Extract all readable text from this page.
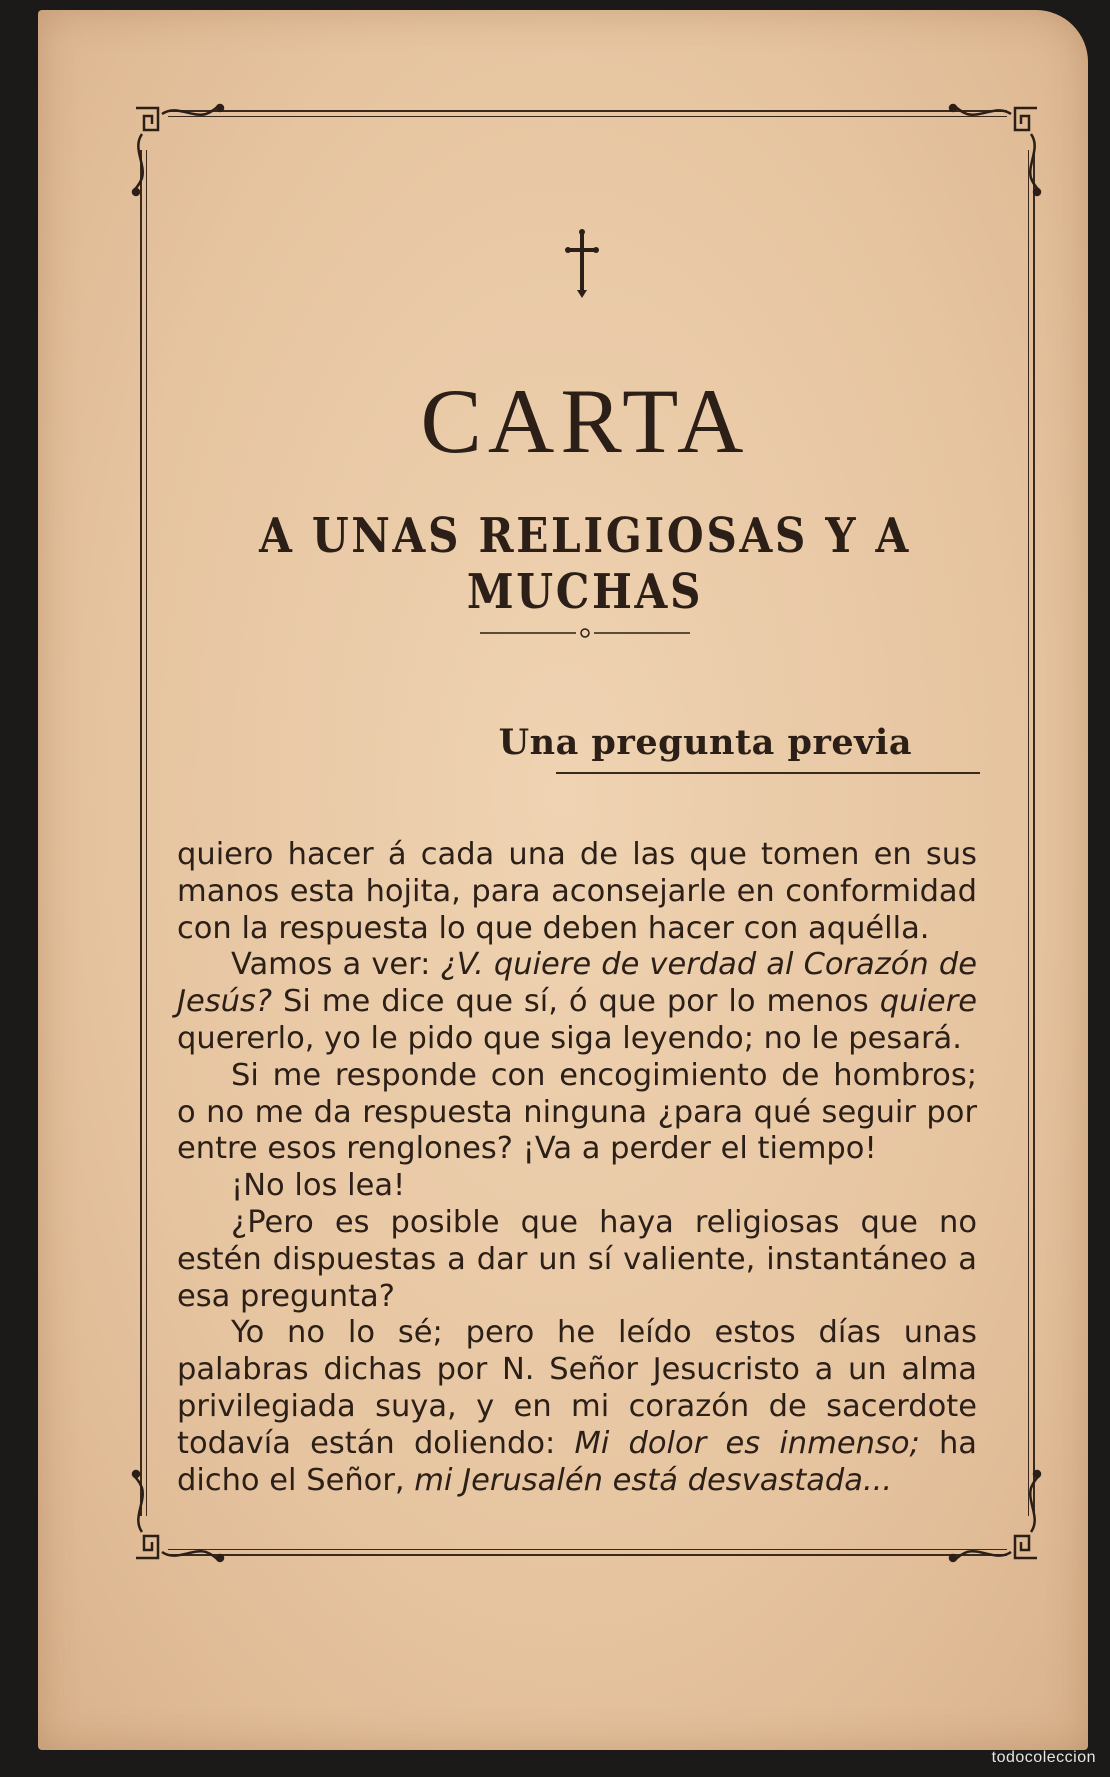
CARTA
A UNAS RELIGIOSAS Y A MUCHAS
Una pregunta previa

quiero hacer á cada una de las que tomen en sus manos esta hojita, para aconsejarle en conformidad con la respuesta lo que deben hacer con aquélla.

Vamos a ver: ¿V. quiere de verdad al Corazón de Jesús? Si me dice que sí, ó que por lo menos quiere quererlo, yo le pido que siga leyendo; no le pesará.

Si me responde con encogimiento de hombros; o no me da respuesta ninguna ¿para qué seguir por entre esos renglones? ¡Va a perder el tiempo!

¡No los lea!

¿Pero es posible que haya religiosas que no estén dispuestas a dar un sí valiente, instantáneo a esa pregunta?

Yo no lo sé; pero he leído estos días unas palabras dichas por N. Señor Jesucristo a un alma privilegiada suya, y en mi corazón de sacerdote todavía están doliendo: Mi dolor es inmenso; ha dicho el Señor, mi Jerusalén está desvastada...

todocoleccion
